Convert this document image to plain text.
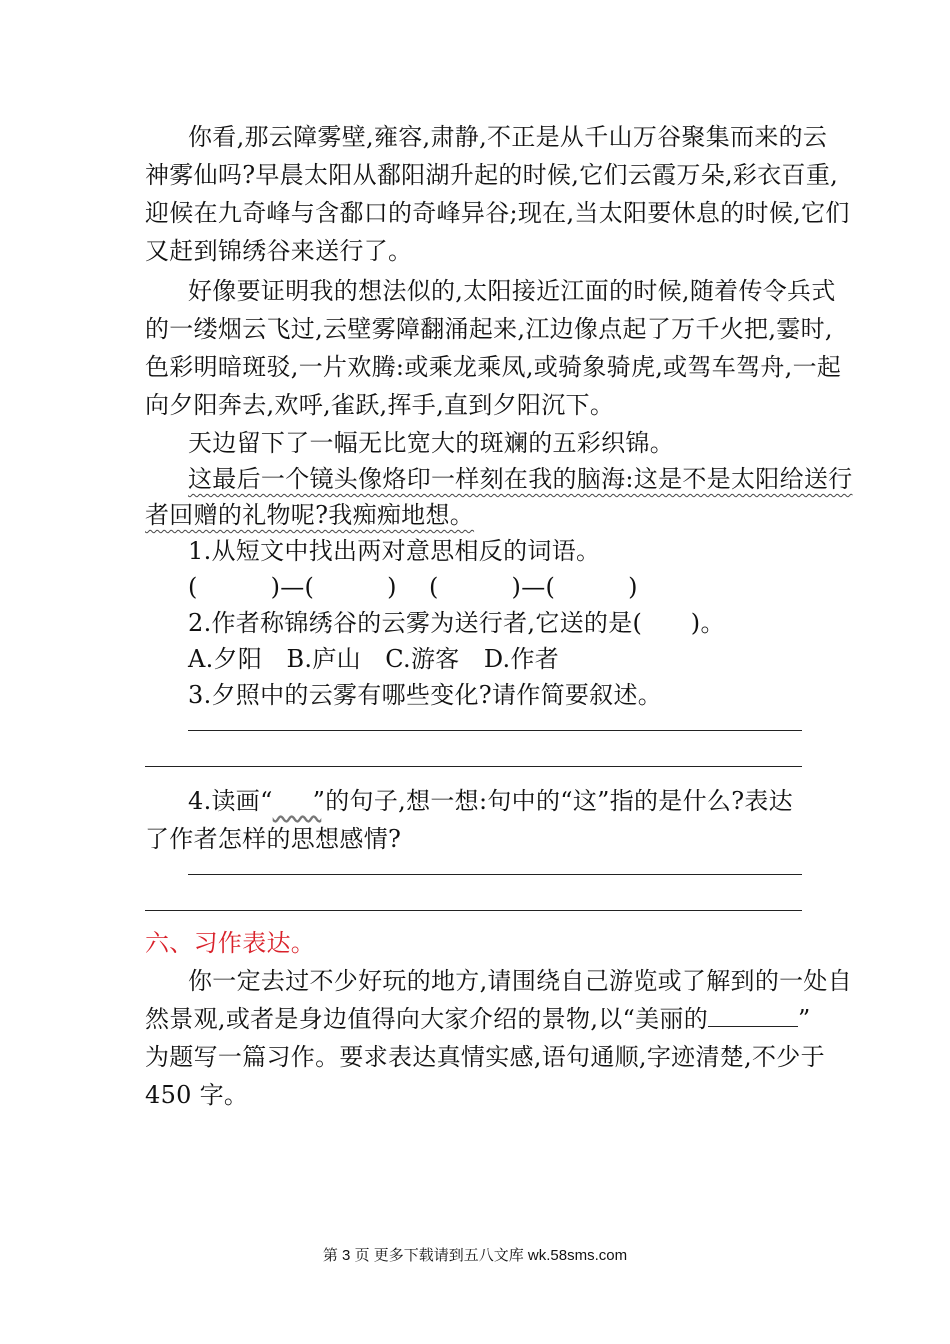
你看,那云障雾壁,雍容,肃静,不正是从千山万谷聚集而来的云
神雾仙吗?早晨太阳从鄱阳湖升起的时候,它们云霞万朵,彩衣百重,
迎候在九奇峰与含鄱口的奇峰异谷;现在,当太阳要休息的时候,它们
又赶到锦绣谷来送行了。
好像要证明我的想法似的,太阳接近江面的时候,随着传令兵式
的一缕烟云飞过,云壁雾障翻涌起来,江边像点起了万千火把,霎时,
色彩明暗斑驳,一片欢腾:或乘龙乘凤,或骑象骑虎,或驾车驾舟,一起
向夕阳奔去,欢呼,雀跃,挥手,直到夕阳沉下。
天边留下了一幅无比宽大的斑斓的五彩织锦。
这最后一个镜头像烙印一样刻在我的脑海:这是不是太阳给送行
者回赠的礼物呢?我痴痴地想。
1.从短文中找出两对意思相反的词语。
(　　　)—(　　　)　 (　　　)—(　　　)
2.作者称锦绣谷的云雾为送行者,它送的是(　　)。
A.夕阳　B.庐山　C.游客　D.作者
3.夕照中的云雾有哪些变化?请作简要叙述。
4.读画“　　 ”的句子,想一想:句中的“这”指的是什么?表达
了作者怎样的思想感情?
六、习作表达。
你一定去过不少好玩的地方,请围绕自己游览或了解到的一处自
然景观,或者是身边值得向大家介绍的景物,以“美丽的	”
为题写一篇习作。要求表达真情实感,语句通顺,字迹清楚,不少于
450 字。
第 3 页 更多下载请到五八文库 wk.58sms.com
